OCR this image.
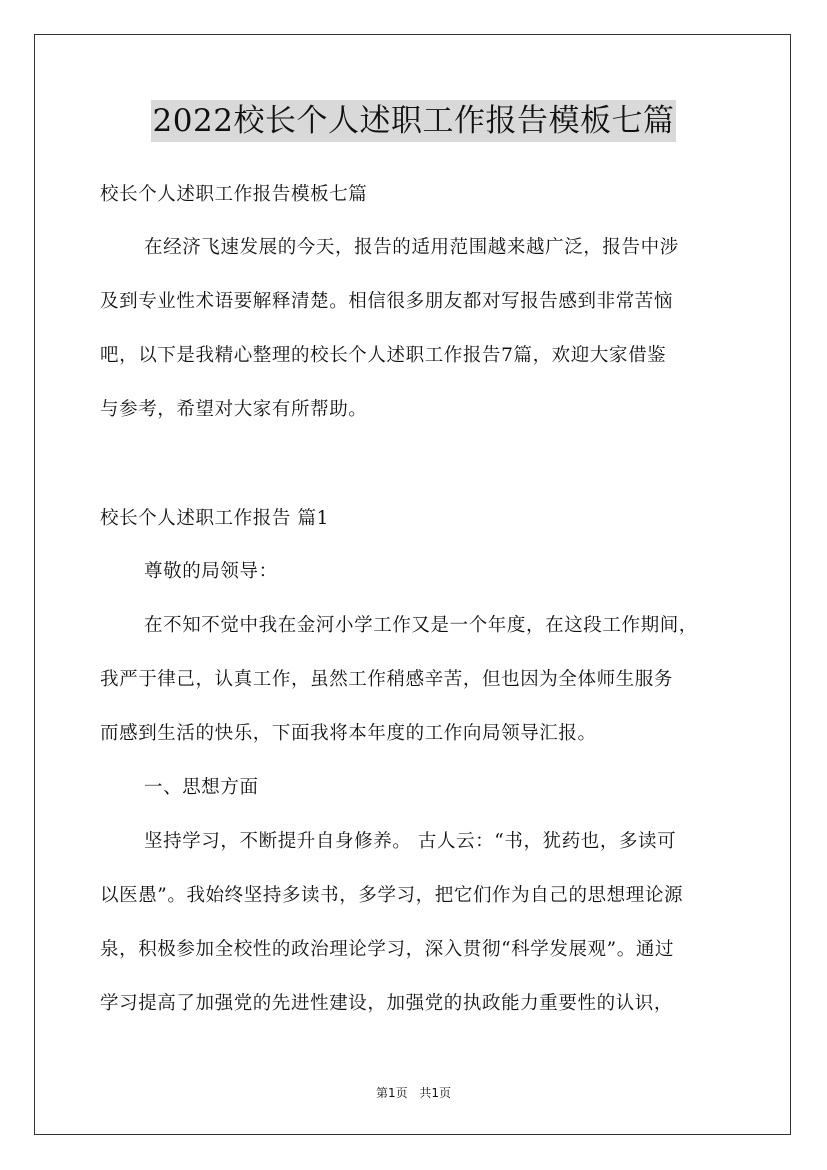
2022校长个人述职工作报告模板七篇
校长个人述职工作报告模板七篇
在经济飞速发展的今天，报告的适用范围越来越广泛，报告中涉
及到专业性术语要解释清楚。相信很多朋友都对写报告感到非常苦恼
吧，以下是我精心整理的校长个人述职工作报告7篇，欢迎大家借鉴
与参考，希望对大家有所帮助。
校长个人述职工作报告 篇1
尊敬的局领导：
在不知不觉中我在金河小学工作又是一个年度，在这段工作期间，
我严于律己，认真工作，虽然工作稍感辛苦，但也因为全体师生服务
而感到生活的快乐，下面我将本年度的工作向局领导汇报。
一、思想方面
坚持学习，不断提升自身修养。 古人云：“书，犹药也，多读可
以医愚”。我始终坚持多读书，多学习，把它们作为自己的思想理论源
泉，积极参加全校性的政治理论学习，深入贯彻“科学发展观”。通过
学习提高了加强党的先进性建设，加强党的执政能力重要性的认识，
第1页 共1页
